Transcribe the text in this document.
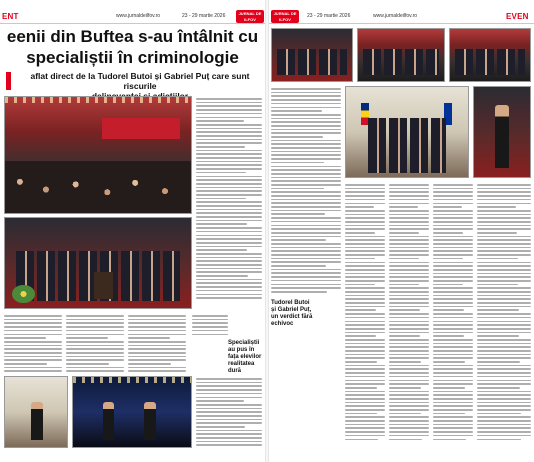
ENT	www.jurnaldeilfov.ro	23 - 29 martie 2026	JURNAL DE ILFOV
eenii din Buftea s-au întâlnit cu
specialiștii în criminologie
aflat direct de la Tudorel Butoi și Gabriel Puț care sunt riscurile
Specialiștii au pus în fața elevilor realitatea dură
JURNAL DE ILFOV
23 - 29 martie 2026	www.jurnaldeilfov.ro	EVEN
Tudorel Butoi
și Gabriel Puț,
un verdict fără
echivoc
